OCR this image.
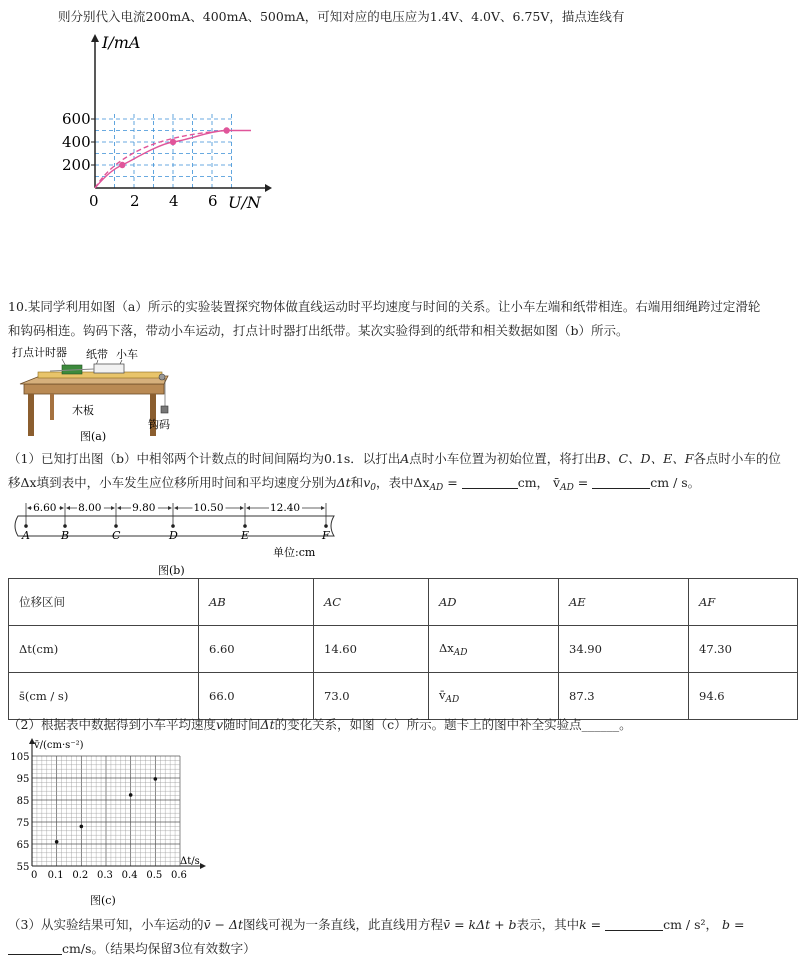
则分别代入电流200mA、400mA、500mA，可知对应的电压应为1.4V、4.0V、6.75V，描点连线有
0 2 4 6
600
400
200
I/mA
U/N
10.某同学利用如图（a）所示的实验装置探究物体做直线运动时平均速度与时间的关系。让小车左端和纸带相连。右端用细绳跨过定滑轮
和钩码相连。钩码下落，带动小车运动，打点计时器打出纸带。某次实验得到的纸带和相关数据如图（b）所示。
打点计时器 纸带 小车
木板
钩码
图(a)
（1）已知打出图（b）中相邻两个计数点的时间间隔均为0.1s．以打出A点时小车位置为初始位置，将打出B、C、D、E、F各点时小车的位
移Δx填到表中，小车发生应位移所用时间和平均速度分别为Δt和$v_0$，表中$\Delta x_{AD}$ =	cm， $v̄_{AD}$ =	cm / s。
6.60 8.00	9.80	10.50	12.40
A	B	C	D	E	F
单位:cm
图(b)
位移区间	AB	AC	AD	AE	AF
Δt(cm)	6.60	14.60	$\Delta x_{AD}$	34.90	47.30
s̄(cm / s)	66.0	73.0	$v̄_{AD}$	87.3	94.6
（2）根据表中数据得到小车平均速度v随时间Δt的变化关系，如图（c）所示。题卡上的图中补全实验点______。
0 0.1 0.2 0.3 0.4 0.5 0.6
105
95
85
75
65
55
v̄/(cm·s⁻²)
Δt/s
图(c)
（3）从实验结果可知，小车运动的v̄ − Δt图线可视为一条直线，此直线用方程v̄ = kΔt + b表示，其中k =	cm / s²， b =
cm/s。（结果均保留3位有效数字）
